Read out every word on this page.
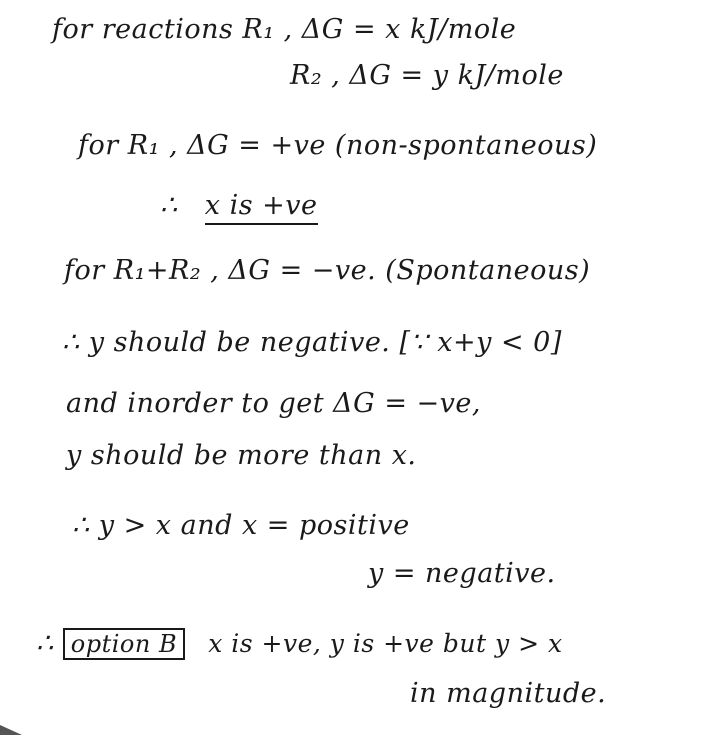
for reactions R₁ , ΔG = x kJ/mole
R₂ , ΔG = y kJ/mole
for R₁ , ΔG = +ve (non-spontaneous)
∴ x is +ve
for R₁+R₂ , ΔG = −ve. (Spontaneous)
∴ y should be negative. [∵ x+y < 0]
and inorder to get ΔG = −ve,
y should be more than x.
∴ y > x and x = positive
y = negative.
∴ option B x is +ve, y is +ve but y > x
in magnitude.
